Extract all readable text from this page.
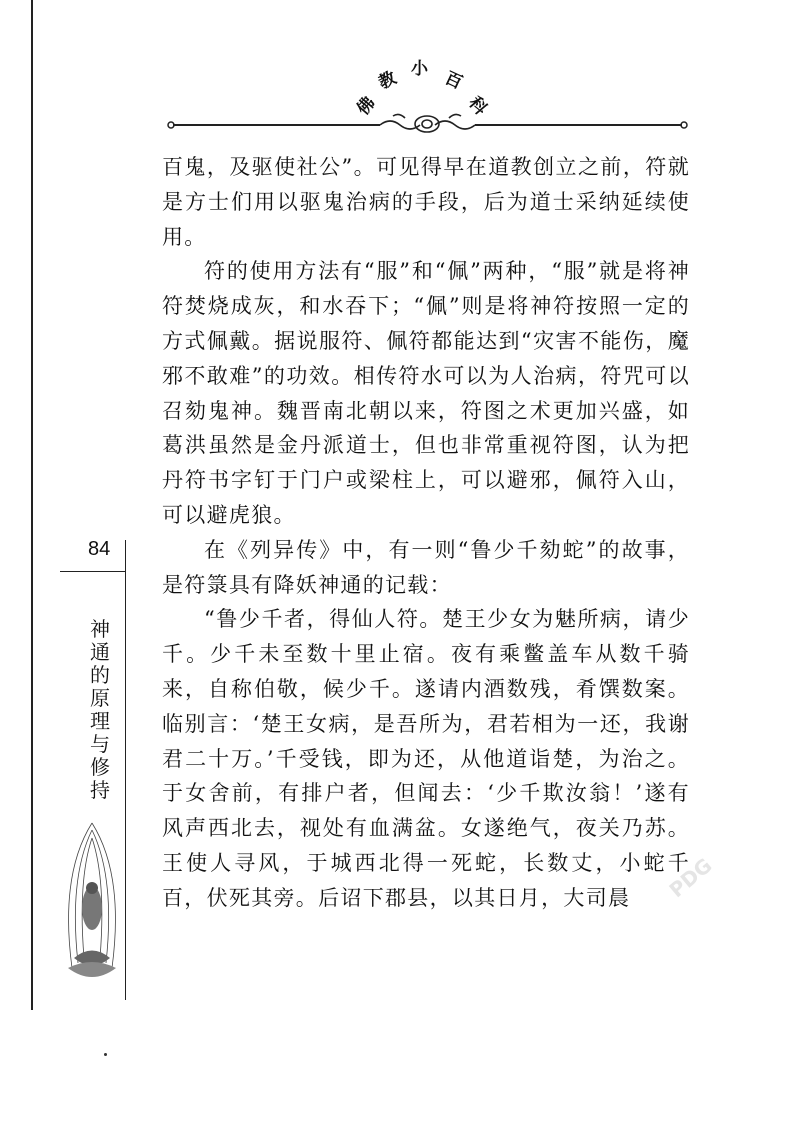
佛
教 小 百
科

百鬼，及驱使社公”。可见得早在道教创立之前，符就是方士们用以驱鬼治病的手段，后为道士采纳延续使用。

符的使用方法有“服”和“佩”两种，“服”就是将神符焚烧成灰，和水吞下；“佩”则是将神符按照一定的方式佩戴。据说服符、佩符都能达到“灾害不能伤，魔邪不敢难”的功效。相传符水可以为人治病，符咒可以召劾鬼神。魏晋南北朝以来，符图之术更加兴盛，如葛洪虽然是金丹派道士，但也非常重视符图，认为把丹符书字钉于门户或梁柱上，可以避邪，佩符入山，可以避虎狼。

在《列异传》中，有一则“鲁少千劾蛇”的故事，是符箓具有降妖神通的记载：

“鲁少千者，得仙人符。楚王少女为魅所病，请少千。少千未至数十里止宿。夜有乘鳖盖车从数千骑来，自称伯敬，候少千。遂请内酒数残，肴馔数案。临别言：‘楚王女病，是吾所为，君若相为一还，我谢君二十万。’千受钱，即为还，从他道诣楚，为治之。于女舍前，有排户者，但闻去：‘少千欺汝翁！’遂有风声西北去，视处有血满盆。女遂绝气，夜关乃苏。王使人寻风，于城西北得一死蛇，长数丈，小蛇千百，伏死其旁。后诏下郡县，以其日月，大司晨

84
神
通
的
原
理
与
修
持
PDG
